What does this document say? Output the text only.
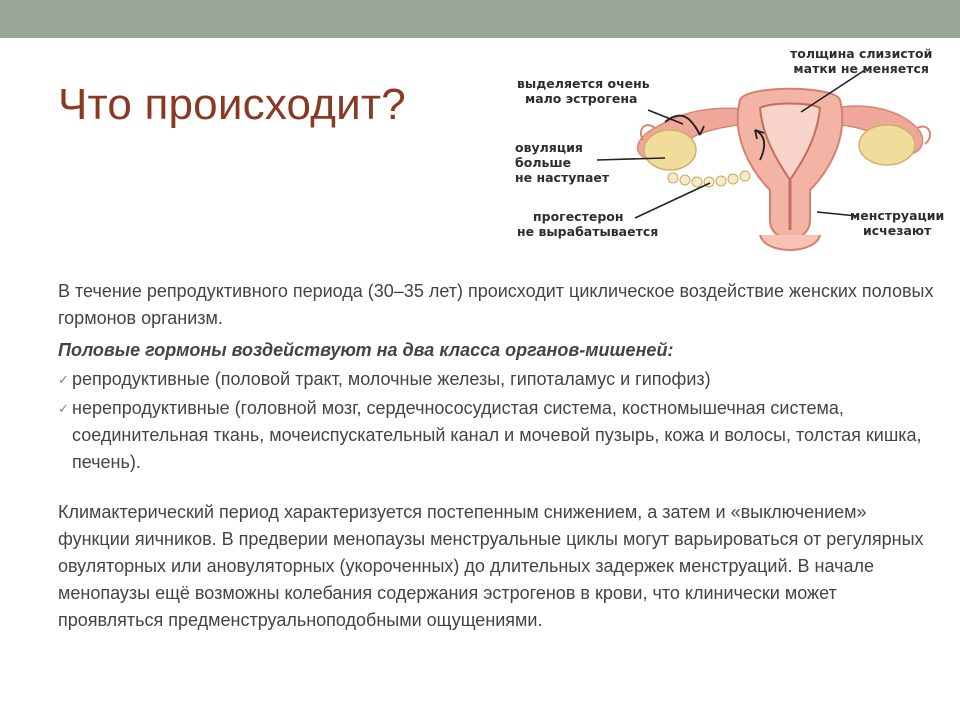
Что происходит?	выделяется очень
мало эстрогена
овуляция
больше
не наступает
прогестерон
не вырабатывается
толщина слизистой
матки не меняется
менструации
исчезают

В течение репродуктивного периода (30–35 лет) происходит циклическое воздействие женских половых гормонов организм.

Половые гормоны воздействуют на два класса органов-мишеней:

✓ репродуктивные (половой тракт, молочные железы, гипоталамус и гипофиз)
✓ нерепродуктивные (головной мозг, сердечнососудистая система, костномышечная система, соединительная ткань, мочеиспускательный канал и мочевой пузырь, кожа и волосы, толстая кишка, печень).

Климактерический период характеризуется постепенным снижением, а затем и «выключением» функции яичников. В предверии менопаузы менструальные циклы могут варьироваться от регулярных овуляторных или ановуляторных (укороченных) до длительных задержек менструаций. В начале менопаузы ещё возможны колебания содержания эстрогенов в крови, что клинически может проявляться предменструальноподобными ощущениями.
